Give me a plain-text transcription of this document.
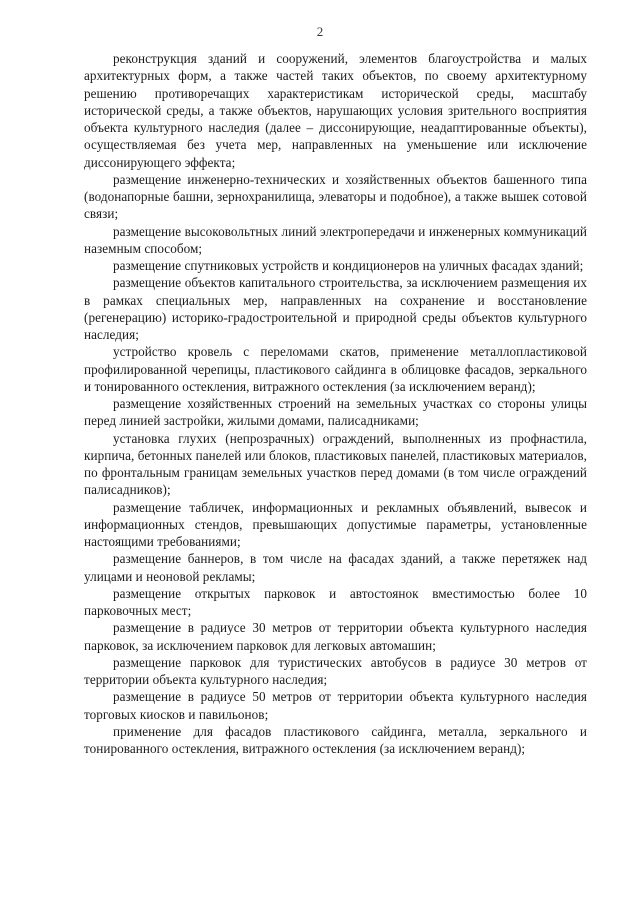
2

реконструкция зданий и сооружений, элементов благоустройства и малых архитектурных форм, а также частей таких объектов, по своему архитектурному решению противоречащих характеристикам исторической среды, масштабу исторической среды, а также объектов, нарушающих условия зрительного восприятия объекта культурного наследия (далее – диссонирующие, неадаптированные объекты), осуществляемая без учета мер, направленных на уменьшение или исключение диссонирующего эффекта;

размещение инженерно-технических и хозяйственных объектов башенного типа (водонапорные башни, зернохранилища, элеваторы и подобное), а также вышек сотовой связи;

размещение высоковольтных линий электропередачи и инженерных коммуникаций наземным способом;

размещение спутниковых устройств и кондиционеров на уличных фасадах зданий;

размещение объектов капитального строительства, за исключением размещения их в рамках специальных мер, направленных на сохранение и восстановление (регенерацию) историко-градостроительной и природной среды объектов культурного наследия;

устройство кровель с переломами скатов, применение металлопластиковой профилированной черепицы, пластикового сайдинга в облицовке фасадов, зеркального и тонированного остекления, витражного остекления (за исключением веранд);

размещение хозяйственных строений на земельных участках со стороны улицы перед линией застройки, жилыми домами, палисадниками;

установка глухих (непрозрачных) ограждений, выполненных из профнастила, кирпича, бетонных панелей или блоков, пластиковых панелей, пластиковых материалов, по фронтальным границам земельных участков перед домами (в том числе ограждений палисадников);

размещение табличек, информационных и рекламных объявлений, вывесок и информационных стендов, превышающих допустимые параметры, установленные настоящими требованиями;

размещение баннеров, в том числе на фасадах зданий, а также перетяжек над улицами и неоновой рекламы;

размещение открытых парковок и автостоянок вместимостью более 10 парковочных мест;

размещение в радиусе 30 метров от территории объекта культурного наследия парковок, за исключением парковок для легковых автомашин;

размещение парковок для туристических автобусов в радиусе 30 метров от территории объекта культурного наследия;

размещение в радиусе 50 метров от территории объекта культурного наследия торговых киосков и павильонов;

применение для фасадов пластикового сайдинга, металла, зеркального и тонированного остекления, витражного остекления (за исключением веранд);
